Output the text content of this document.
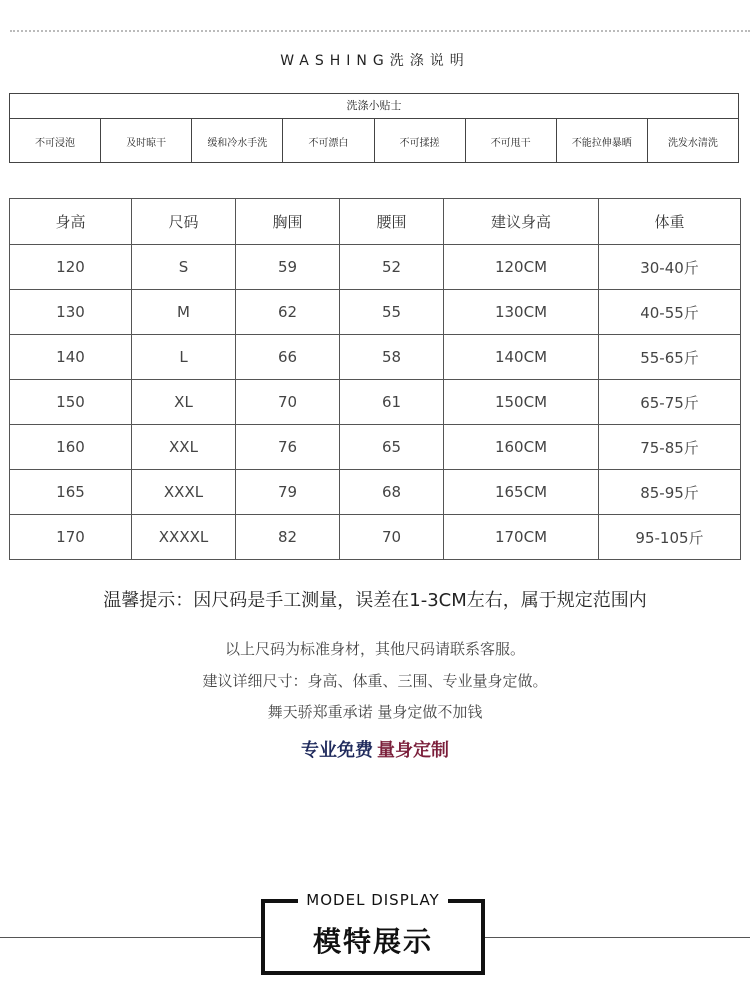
WASHING洗涤说明
洗涤小贴士
不可浸泡	及时晾干	缓和冷水手洗	不可漂白	不可揉搓	不可甩干	不能拉伸暴晒	洗发水清洗
身高	尺码	胸围	腰围	建议身高	体重
120	S	59	52	120CM	30-40斤
130	M	62	55	130CM	40-55斤
140	L	66	58	140CM	55-65斤
150	XL	70	61	150CM	65-75斤
160	XXL	76	65	160CM	75-85斤
165	XXXL	79	68	165CM	85-95斤
170	XXXXL	82	70	170CM	95-105斤
温馨提示：因尺码是手工测量，误差在1-3CM左右，属于规定范围内
以上尺码为标准身材，其他尺码请联系客服。
建议详细尺寸：身高、体重、三围、专业量身定做。
舞天骄郑重承诺 量身定做不加钱
专业免费 量身定制
MODEL DISPLAY
模特展示
